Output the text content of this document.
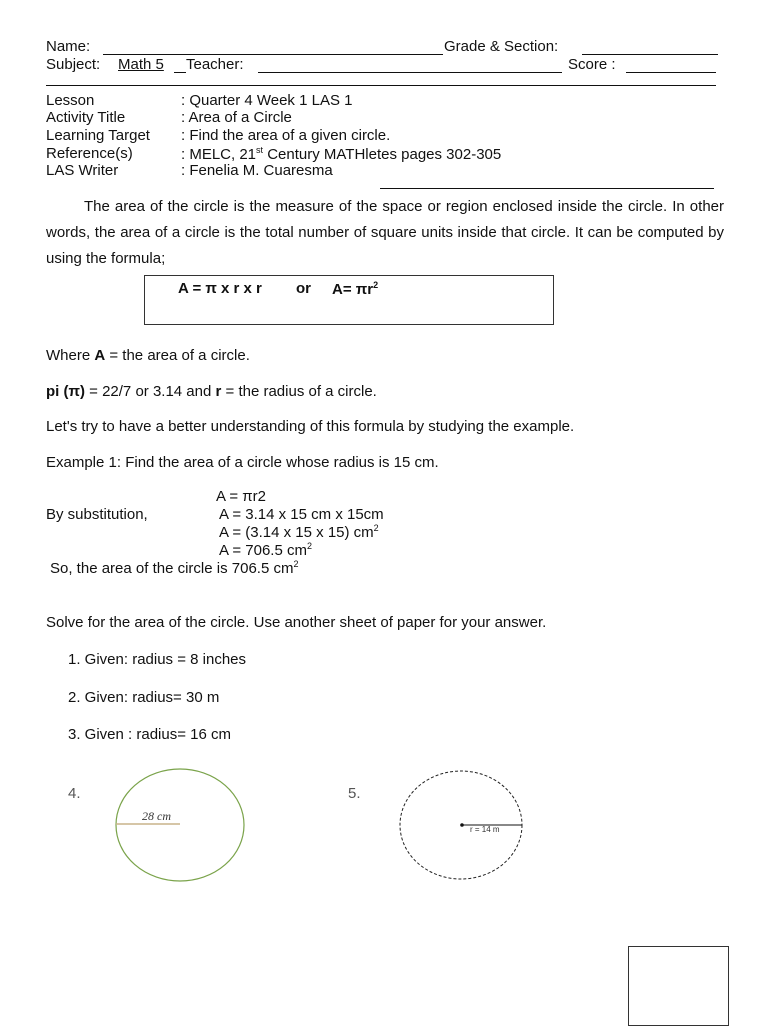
Name:	Grade & Section:
Subject: Math 5 Teacher:	Score :
Lesson	: Quarter 4 Week 1 LAS 1
Activity Title	: Area of a Circle
Learning Target : Find the area of a given circle.
Reference(s)	: MELC, 21st Century MATHletes pages 302-305
LAS Writer	: Fenelia M. Cuaresma
The area of the circle is the measure of the space or region enclosed inside the circle. In other words, the area of a circle is the total number of square units inside that circle. It can be computed by using the formula;
A = π x r x r or $A= \pi r^2$
Where A = the area of a circle.
pi (π) = 22/7 or 3.14 and r = the radius of a circle.
Let's try to have a better understanding of this formula by studying the example.
Example 1: Find the area of a circle whose radius is 15 cm.
A = πr2
By substitution,	A = 3.14 x 15 cm x 15cm
A = (3.14 x 15 x 15) $cm^2$
A = 706.5 $cm^2$
So, the area of the circle is 706.5 $cm^2$
Solve for the area of the circle. Use another sheet of paper for your answer.
1. Given: radius = 8 inches
2. Given: radius= 30 m
3. Given : radius= 16 cm
4.
28 cm
5.
r = 14 m
